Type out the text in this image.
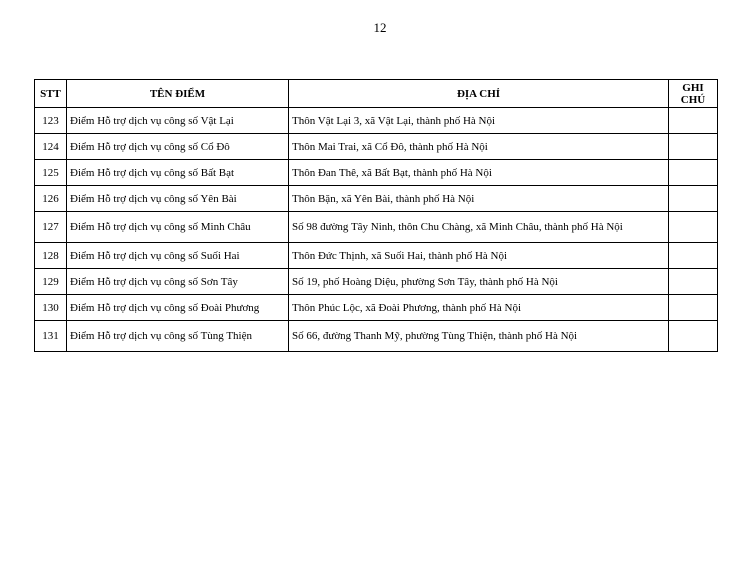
12
STT	TÊN ĐIỂM	ĐỊA CHỈ	GHI
CHÚ
123	Điểm Hỗ trợ dịch vụ công số Vật Lại	Thôn Vật Lại 3, xã Vật Lại, thành phố Hà Nội	
124	Điểm Hỗ trợ dịch vụ công số Cổ Đô	Thôn Mai Trai, xã Cổ Đô, thành phố Hà Nội	
125	Điểm Hỗ trợ dịch vụ công số Bất Bạt	Thôn Đan Thê, xã Bất Bạt, thành phố Hà Nội	
126	Điểm Hỗ trợ dịch vụ công số Yên Bài	Thôn Bặn, xã Yên Bài, thành phố Hà Nội	
127	Điểm Hỗ trợ dịch vụ công số Minh Châu	Số 98 đường Tây Ninh, thôn Chu Chàng, xã Minh Châu, thành phố Hà Nội	
128	Điểm Hỗ trợ dịch vụ công số Suối Hai	Thôn Đức Thịnh, xã Suối Hai, thành phố Hà Nội	
129	Điểm Hỗ trợ dịch vụ công số Sơn Tây	Số 19, phố Hoàng Diệu, phường Sơn Tây, thành phố Hà Nội	
130	Điểm Hỗ trợ dịch vụ công số Đoài Phương	Thôn Phúc Lộc, xã Đoài Phương, thành phố Hà Nội	
131	Điểm Hỗ trợ dịch vụ công số Tùng Thiện	Số 66, đường Thanh Mỹ, phường Tùng Thiện, thành phố Hà Nội	
